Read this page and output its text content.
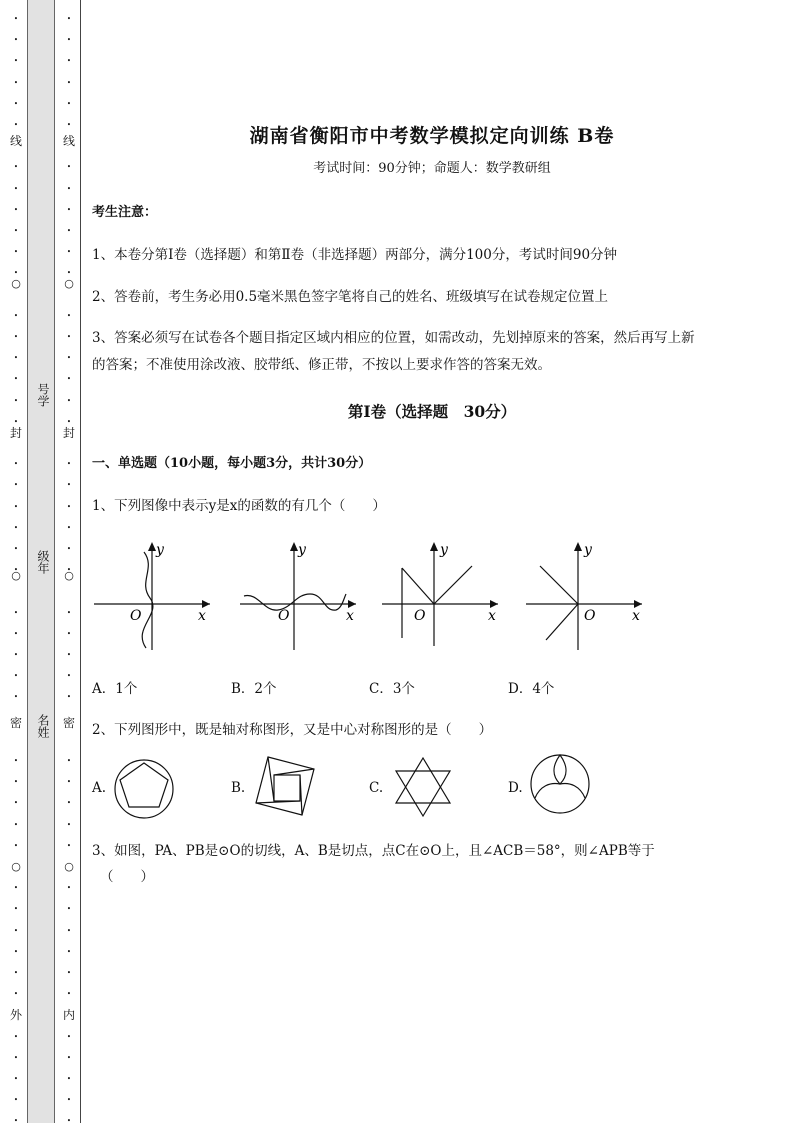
•
•
•
•
•
•
•
•
•
•
•
•
○
•
•
•
•
•
•
•
•
•
•
•
•
○
•
•
•
•
•
•
•
•
•
•
○
•
•
•
•
•
•
•
•
•
•
•
•
•
•
•
•
•
•
•
•
•
•
•
○
•
•
•
•
•
•
•
•
•
•
•
•
○
•
•
•
•
•
•
•
•
•
•
○
•
•
•
•
•
•
•
•
•
•
•
线
封
密
外
线
封
密
内
号学
级年
名姓
湖南省衡阳市中考数学模拟定向训练 B卷
考试时间：90分钟；命题人：数学教研组
考生注意：
1、本卷分第Ⅰ卷（选择题）和第Ⅱ卷（非选择题）两部分，满分100分，考试时间90分钟
2、答卷前，考生务必用0.5毫米黑色签字笔将自己的姓名、班级填写在试卷规定位置上
3、答案必须写在试卷各个题目指定区域内相应的位置，如需改动，先划掉原来的答案，然后再写上新
的答案；不准使用涂改液、胶带纸、修正带，不按以上要求作答的答案无效。
第Ⅰ卷（选择题　30分）
一、单选题（10小题，每小题3分，共计30分）
1、下列图像中表示y是x的函数的有几个（　　）
O	x
y
O	x
y
O	x
y
O	x
y
A．1个	B．2个	C．3个	D．4个
2、下列图形中，既是轴对称图形，又是中心对称图形的是（　　）
A.	B.	C.	D.
3、如图，PA、PB是⊙O的切线，A、B是切点，点C在⊙O上，且∠ACB＝58°，则∠APB等于
（　　）
